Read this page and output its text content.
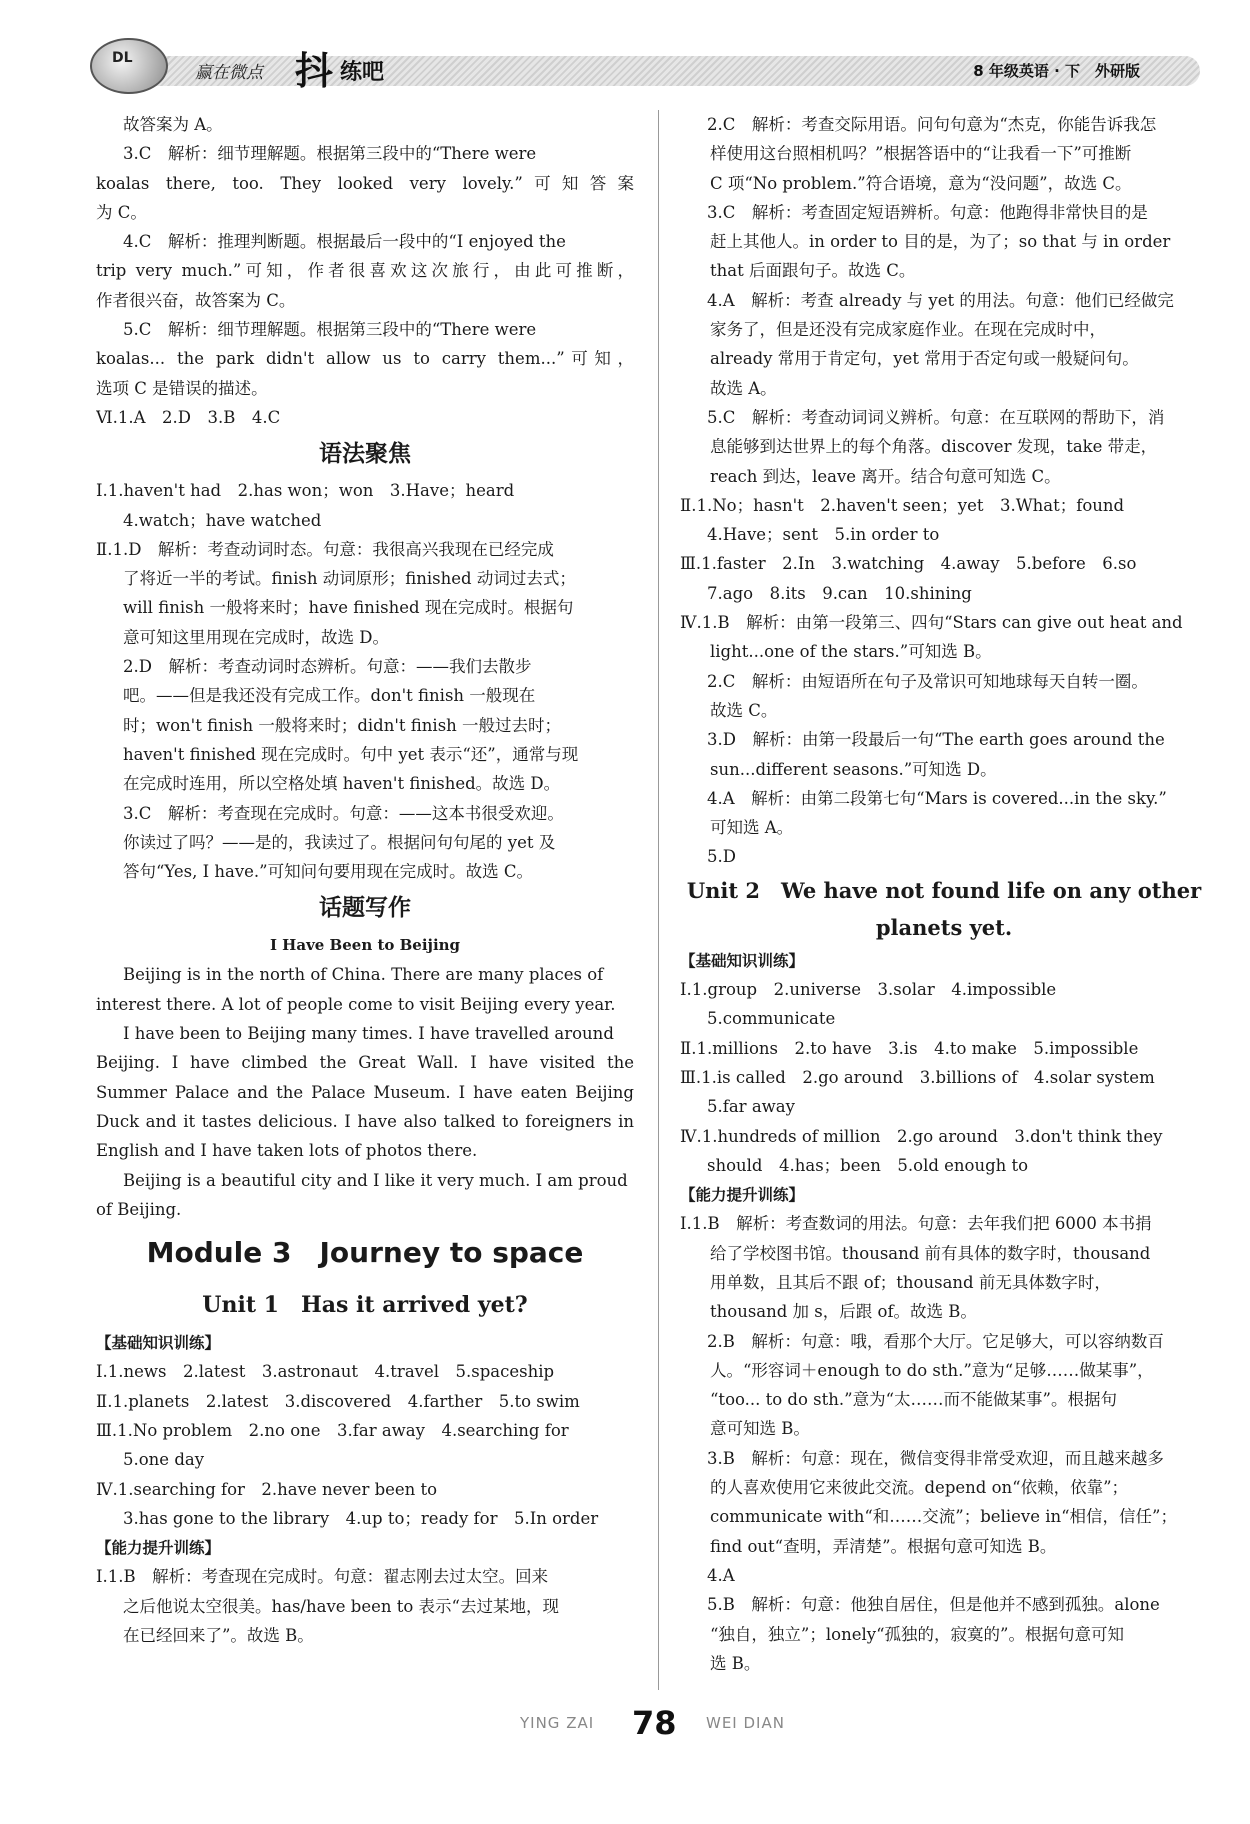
DL
赢在微点 抖 练吧	8 年级英语 · 下　外研版
故答案为 A。
3.C　解析：细节理解题。根据第三段中的“There were
koalas there, too. They looked very lovely.”可知答案
为 C。
4.C　解析：推理判断题。根据最后一段中的“I enjoyed the
trip very much.”可知，作者很喜欢这次旅行，由此可推断，
作者很兴奋，故答案为 C。
5.C　解析：细节理解题。根据第三段中的“There were
koalas... the park didn't allow us to carry them...”可知，
选项 C 是错误的描述。
Ⅵ.1.A　2.D　3.B　4.C
语法聚焦
Ⅰ.1.haven't had　2.has won；won　3.Have；heard
4.watch；have watched
Ⅱ.1.D　解析：考查动词时态。句意：我很高兴我现在已经完成
了将近一半的考试。finish 动词原形；finished 动词过去式；
will finish 一般将来时；have finished 现在完成时。根据句
意可知这里用现在完成时，故选 D。
2.D　解析：考查动词时态辨析。句意：——我们去散步
吧。——但是我还没有完成工作。don't finish 一般现在
时；won't finish 一般将来时；didn't finish 一般过去时；
haven't finished 现在完成时。句中 yet 表示“还”，通常与现
在完成时连用，所以空格处填 haven't finished。故选 D。
3.C　解析：考查现在完成时。句意：——这本书很受欢迎。
你读过了吗？——是的，我读过了。根据问句句尾的 yet 及
答句“Yes, I have.”可知问句要用现在完成时。故选 C。
话题写作
I Have Been to Beijing
Beijing is in the north of China. There are many places of
interest there. A lot of people come to visit Beijing every year.
I have been to Beijing many times. I have travelled around
Beijing. I have climbed the Great Wall. I have visited the
Summer Palace and the Palace Museum. I have eaten Beijing
Duck and it tastes delicious. I have also talked to foreigners in
English and I have taken lots of photos there.
Beijing is a beautiful city and I like it very much. I am proud
of Beijing.
Module 3　Journey to space
Unit 1　Has it arrived yet?
【基础知识训练】
Ⅰ.1.news　2.latest　3.astronaut　4.travel　5.spaceship
Ⅱ.1.planets　2.latest　3.discovered　4.farther　5.to swim
Ⅲ.1.No problem　2.no one　3.far away　4.searching for
5.one day
Ⅳ.1.searching for　2.have never been to
3.has gone to the library　4.up to；ready for　5.In order
【能力提升训练】
Ⅰ.1.B　解析：考查现在完成时。句意：翟志刚去过太空。回来
之后他说太空很美。has/have been to 表示“去过某地，现
在已经回来了”。故选 B。
2.C　解析：考查交际用语。问句句意为“杰克，你能告诉我怎
样使用这台照相机吗？”根据答语中的“让我看一下”可推断
C 项“No problem.”符合语境，意为“没问题”，故选 C。
3.C　解析：考查固定短语辨析。句意：他跑得非常快目的是
赶上其他人。in order to 目的是，为了；so that 与 in order
that 后面跟句子。故选 C。
4.A　解析：考查 already 与 yet 的用法。句意：他们已经做完
家务了，但是还没有完成家庭作业。在现在完成时中，
already 常用于肯定句，yet 常用于否定句或一般疑问句。
故选 A。
5.C　解析：考查动词词义辨析。句意：在互联网的帮助下，消
息能够到达世界上的每个角落。discover 发现，take 带走，
reach 到达，leave 离开。结合句意可知选 C。
Ⅱ.1.No；hasn't　2.haven't seen；yet　3.What；found
4.Have；sent　5.in order to
Ⅲ.1.faster　2.In　3.watching　4.away　5.before　6.so
7.ago　8.its　9.can　10.shining
Ⅳ.1.B　解析：由第一段第三、四句“Stars can give out heat and
light...one of the stars.”可知选 B。
2.C　解析：由短语所在句子及常识可知地球每天自转一圈。
故选 C。
3.D　解析：由第一段最后一句“The earth goes around the
sun...different seasons.”可知选 D。
4.A　解析：由第二段第七句“Mars is covered...in the sky.”
可知选 A。
5.D
Unit 2　We have not found life on any other
planets yet.
【基础知识训练】
Ⅰ.1.group　2.universe　3.solar　4.impossible
5.communicate
Ⅱ.1.millions　2.to have　3.is　4.to make　5.impossible
Ⅲ.1.is called　2.go around　3.billions of　4.solar system
5.far away
Ⅳ.1.hundreds of million　2.go around　3.don't think they
should　4.has；been　5.old enough to
【能力提升训练】
Ⅰ.1.B　解析：考查数词的用法。句意：去年我们把 6000 本书捐
给了学校图书馆。thousand 前有具体的数字时，thousand
用单数，且其后不跟 of；thousand 前无具体数字时，
thousand 加 s，后跟 of。故选 B。
2.B　解析：句意：哦，看那个大厅。它足够大，可以容纳数百
人。“形容词＋enough to do sth.”意为“足够……做某事”，
“too... to do sth.”意为“太……而不能做某事”。根据句
意可知选 B。
3.B　解析：句意：现在，微信变得非常受欢迎，而且越来越多
的人喜欢使用它来彼此交流。depend on“依赖，依靠”；
communicate with“和……交流”；believe in“相信，信任”；
find out“查明，弄清楚”。根据句意可知选 B。
4.A
5.B　解析：句意：他独自居住，但是他并不感到孤独。alone
“独自，独立”；lonely“孤独的，寂寞的”。根据句意可知
选 B。
YING ZAI 78 WEI DIAN
